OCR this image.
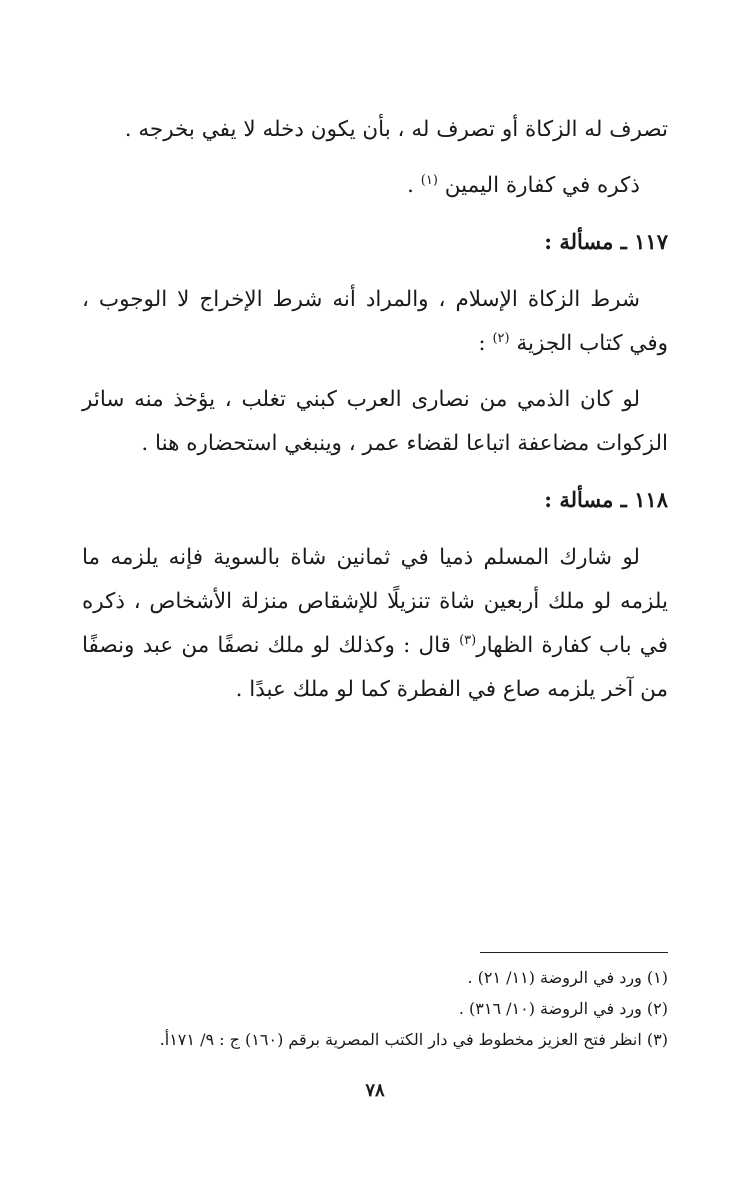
تصرف له الزكاة أو تصرف له ، بأن يكون دخله لا يفي بخرجه .

ذكره في كفارة اليمين $^{(١)}$ .

١١٧ ـ مسألة :

شرط الزكاة الإسلام ، والمراد أنه شرط الإخراج لا الوجوب ، وفي كتاب الجزية $^{(٢)}$ :

لو كان الذمي من نصارى العرب كبني تغلب ، يؤخذ منه سائر الزكوات مضاعفة اتباعا لقضاء عمر ، وينبغي استحضاره هنا .

١١٨ ـ مسألة :

لو شارك المسلم ذميا في ثمانين شاة بالسوية فإنه يلزمه ما يلزمه لو ملك أربعين شاة تنزيلًا للإشقاص منزلة الأشخاص ، ذكره في باب كفارة الظهار$^{(٣)}$ قال : وكذلك لو ملك نصفًا من عبد ونصفًا من آخر يلزمه صاع في الفطرة كما لو ملك عبدًا .

(١) ورد في الروضة (١١/ ٢١) .

(٢) ورد في الروضة (١٠/ ٣١٦) .

(٣) انظر فتح العزيز مخطوط في دار الكتب المصرية برقم (١٦٠) ج : ٩/ ١٧١أ.

٧٨
